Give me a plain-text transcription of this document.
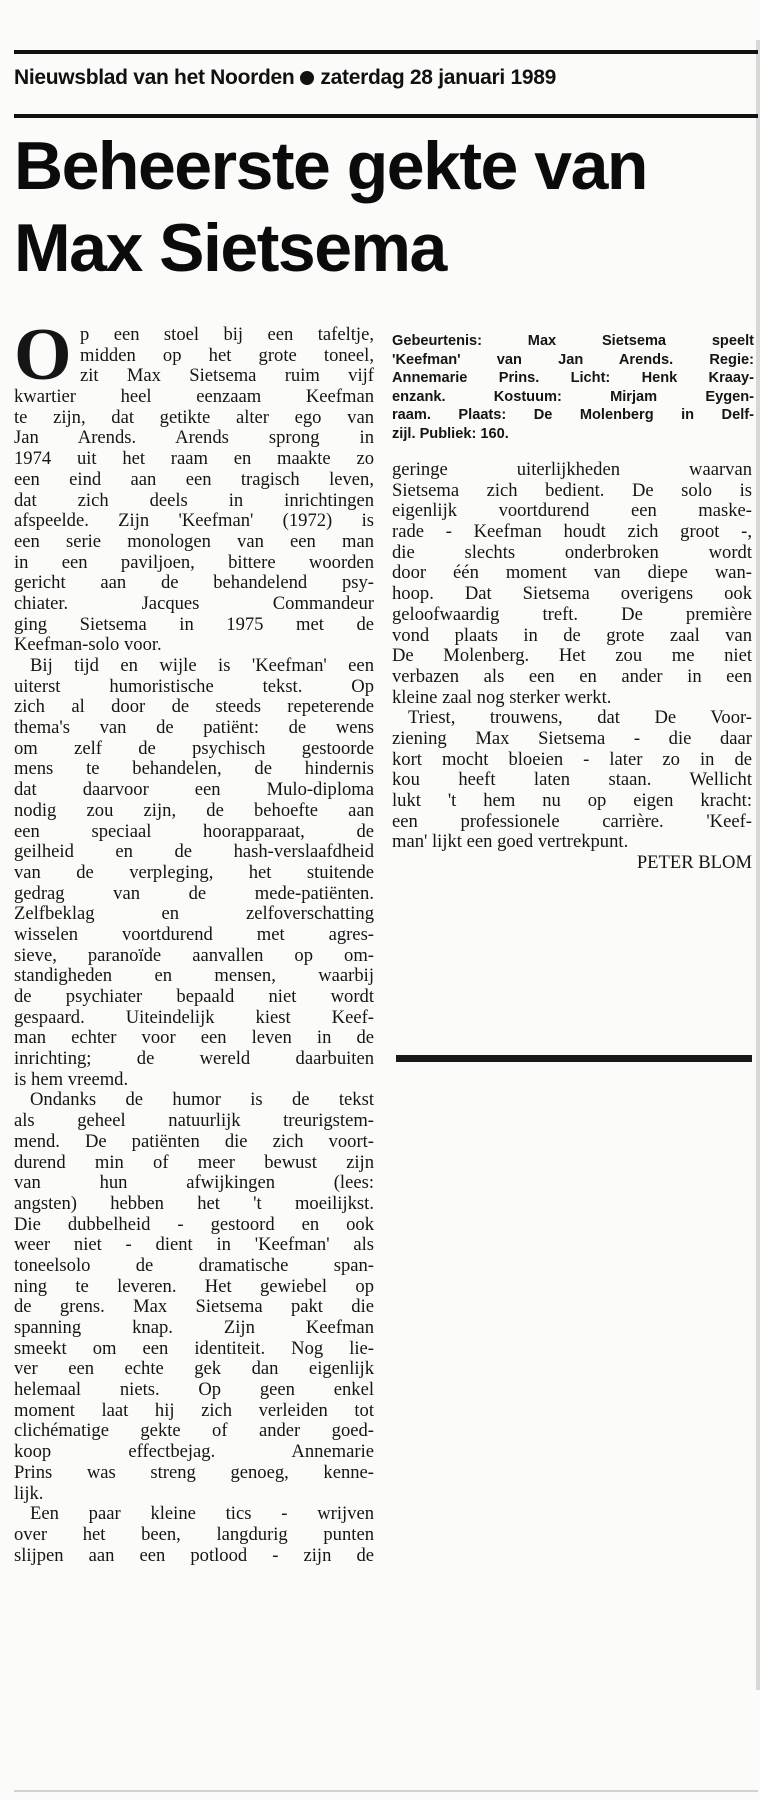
Nieuwsblad van het Noorden zaterdag 28 januari 1989
Beheerste gekte van
Max Sietsema
O p een stoel bij een tafeltje,
midden op het grote toneel,
zit Max Sietsema ruim vijf
kwartier heel eenzaam Keefman
te zijn, dat getikte alter ego van
Jan Arends. Arends sprong in
1974 uit het raam en maakte zo
een eind aan een tragisch leven,
dat zich deels in inrichtingen
afspeelde. Zijn 'Keefman' (1972) is
een serie monologen van een man
in een paviljoen, bittere woorden
gericht aan de behandelend psy-
chiater. Jacques Commandeur
ging Sietsema in 1975 met de
Keefman-solo voor.
Bij tijd en wijle is 'Keefman' een
uiterst humoristische tekst. Op
zich al door de steeds repeterende
thema's van de patiënt: de wens
om zelf de psychisch gestoorde
mens te behandelen, de hindernis
dat daarvoor een Mulo-diploma
nodig zou zijn, de behoefte aan
een speciaal hoorapparaat, de
geilheid en de hash-verslaafdheid
van de verpleging, het stuitende
gedrag van de mede-patiënten.
Zelfbeklag en zelfoverschatting
wisselen voortdurend met agres-
sieve, paranoïde aanvallen op om-
standigheden en mensen, waarbij
de psychiater bepaald niet wordt
gespaard. Uiteindelijk kiest Keef-
man echter voor een leven in de
inrichting; de wereld daarbuiten
is hem vreemd.
Ondanks de humor is de tekst
als geheel natuurlijk treurigstem-
mend. De patiënten die zich voort-
durend min of meer bewust zijn
van hun afwijkingen (lees:
angsten) hebben het 't moeilijkst.
Die dubbelheid - gestoord en ook
weer niet - dient in 'Keefman' als
toneelsolo de dramatische span-
ning te leveren. Het gewiebel op
de grens. Max Sietsema pakt die
spanning knap. Zijn Keefman
smeekt om een identiteit. Nog lie-
ver een echte gek dan eigenlijk
helemaal niets. Op geen enkel
moment laat hij zich verleiden tot
clichématige gekte of ander goed-
koop effectbejag. Annemarie
Prins was streng genoeg, kenne-
lijk.
Een paar kleine tics - wrijven
over het been, langdurig punten
slijpen aan een potlood - zijn de
Gebeurtenis: Max Sietsema speelt
'Keefman' van Jan Arends. Regie:
Annemarie Prins. Licht: Henk Kraay-
enzank. Kostuum: Mirjam Eygen-
raam. Plaats: De Molenberg in Delf-
zijl. Publiek: 160.
geringe uiterlijkheden waarvan
Sietsema zich bedient. De solo is
eigenlijk voortdurend een maske-
rade - Keefman houdt zich groot -,
die slechts onderbroken wordt
door één moment van diepe wan-
hoop. Dat Sietsema overigens ook
geloofwaardig treft. De première
vond plaats in de grote zaal van
De Molenberg. Het zou me niet
verbazen als een en ander in een
kleine zaal nog sterker werkt.
Triest, trouwens, dat De Voor-
ziening Max Sietsema - die daar
kort mocht bloeien - later zo in de
kou heeft laten staan. Wellicht
lukt 't hem nu op eigen kracht:
een professionele carrière. 'Keef-
man' lijkt een goed vertrekpunt.
PETER BLOM
